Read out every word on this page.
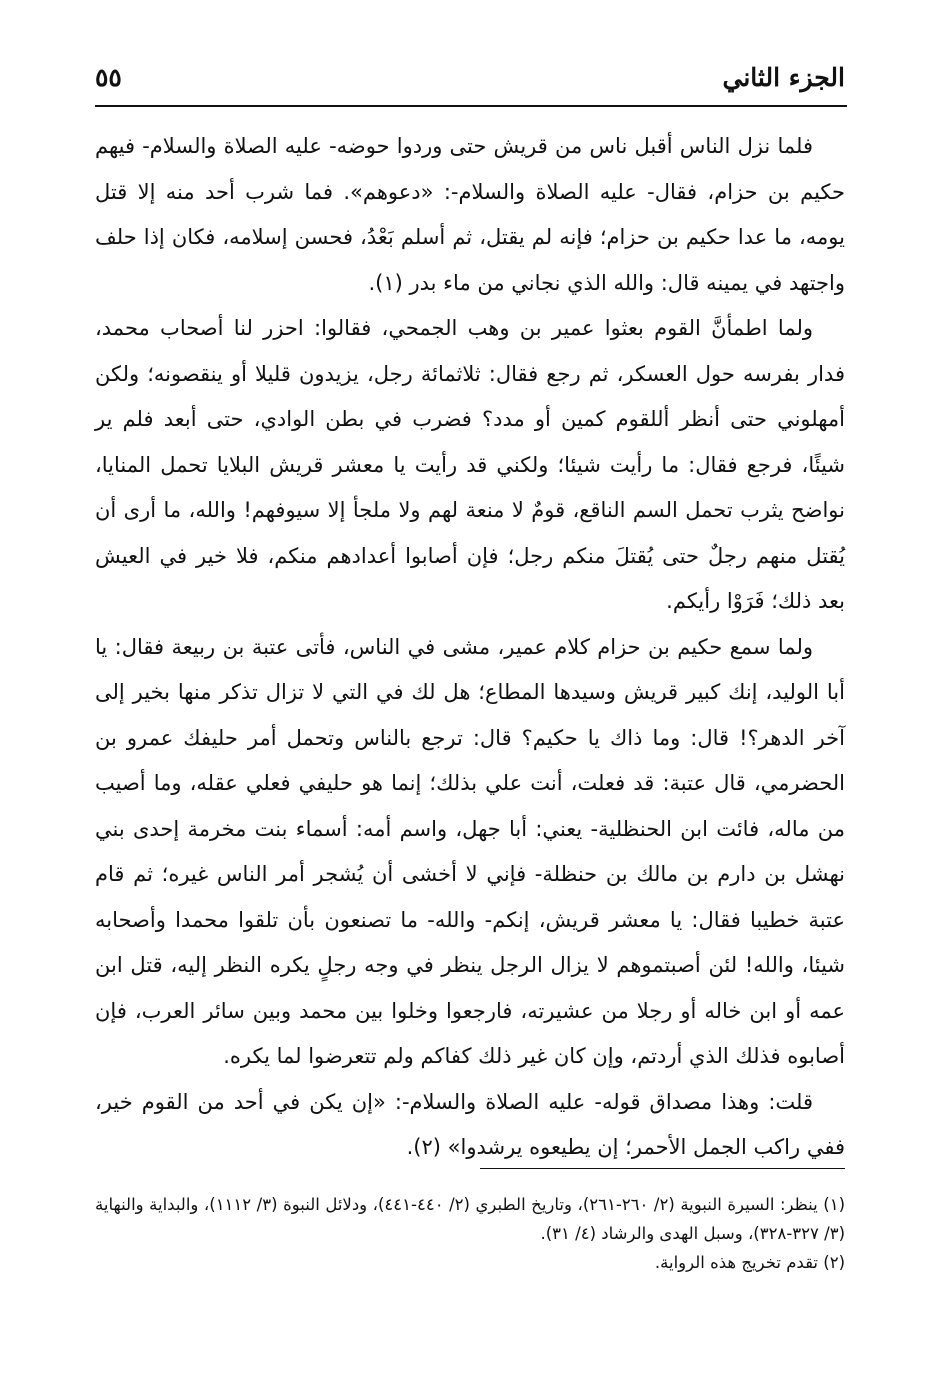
الجزء الثاني
٥٥

فلما نزل الناس أقبل ناس من قريش حتى وردوا حوضه- عليه الصلاة والسلام- فيهم حكيم بن حزام، فقال- عليه الصلاة والسلام-: «دعوهم». فما شرب أحد منه إلا قتل يومه، ما عدا حكيم بن حزام؛ فإنه لم يقتل، ثم أسلم بَعْدُ، فحسن إسلامه، فكان إذا حلف واجتهد في يمينه قال: والله الذي نجاني من ماء بدر (١).

ولما اطمأنَّ القوم بعثوا عمير بن وهب الجمحي، فقالوا: احزر لنا أصحاب محمد، فدار بفرسه حول العسكر، ثم رجع فقال: ثلاثمائة رجل، يزيدون قليلا أو ينقصونه؛ ولكن أمهلوني حتى أنظر أللقوم كمين أو مدد؟ فضرب في بطن الوادي، حتى أبعد فلم ير شيئًا، فرجع فقال: ما رأيت شيئا؛ ولكني قد رأيت يا معشر قريش البلايا تحمل المنايا، نواضح يثرب تحمل السم الناقع، قومٌ لا منعة لهم ولا ملجأ إلا سيوفهم! والله، ما أرى أن يُقتل منهم رجلٌ حتى يُقتلَ منكم رجل؛ فإن أصابوا أعدادهم منكم، فلا خير في العيش بعد ذلك؛ فَرَوْا رأيكم.

ولما سمع حكيم بن حزام كلام عمير، مشى في الناس، فأتى عتبة بن ربيعة فقال: يا أبا الوليد، إنك كبير قريش وسيدها المطاع؛ هل لك في التي لا تزال تذكر منها بخير إلى آخر الدهر؟! قال: وما ذاك يا حكيم؟ قال: ترجع بالناس وتحمل أمر حليفك عمرو بن الحضرمي، قال عتبة: قد فعلت، أنت علي بذلك؛ إنما هو حليفي فعلي عقله، وما أصيب من ماله، فائت ابن الحنظلية- يعني: أبا جهل، واسم أمه: أسماء بنت مخرمة إحدى بني نهشل بن دارم بن مالك بن حنظلة- فإني لا أخشى أن يُشجر أمر الناس غيره؛ ثم قام عتبة خطيبا فقال: يا معشر قريش، إنكم- والله- ما تصنعون بأن تلقوا محمدا وأصحابه شيئا، والله! لئن أصبتموهم لا يزال الرجل ينظر في وجه رجلٍ يكره النظر إليه، قتل ابن عمه أو ابن خاله أو رجلا من عشيرته، فارجعوا وخلوا بين محمد وبين سائر العرب، فإن أصابوه فذلك الذي أردتم، وإن كان غير ذلك كفاكم ولم تتعرضوا لما يكره.

قلت: وهذا مصداق قوله- عليه الصلاة والسلام-: «إن يكن في أحد من القوم خير، ففي راكب الجمل الأحمر؛ إن يطيعوه يرشدوا» (٢).

(١) ينظر: السيرة النبوية (٢/ ٢٦٠-٢٦١)، وتاريخ الطبري (٢/ ٤٤٠-٤٤١)، ودلائل النبوة (٣/ ١١١٢)، والبداية والنهاية (٣/ ٣٢٧-٣٢٨)، وسبل الهدى والرشاد (٤/ ٣١).

(٢) تقدم تخريج هذه الرواية.
